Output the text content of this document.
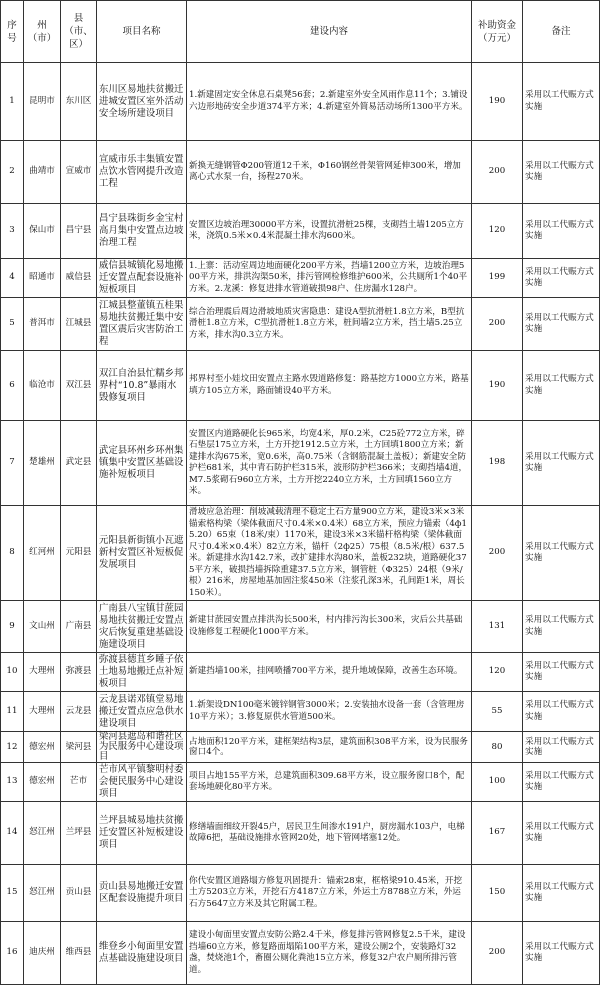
序号	州（市）	县（市、区）	项目名称	建设内容	补助资金（万元）	备注
1	昆明市	东川区	东川区易地扶贫搬迁进城安置区室外活动安全场所建设项目	1.新建固定安全休息石桌凳56套；2.新建室外安全风雨作息11个；3.铺设六边形地砖安全步道374平方米；4.新建室外简易活动场所1300平方米。	190	采用以工代赈方式实施
2	曲靖市	宣威市	宣威市乐丰集镇安置点饮水管网提升改造工程	新换无缝钢管Φ200管道12千米，Φ160钢丝骨架管网延伸300米，增加离心式水泵一台，扬程270米。	200	采用以工代赈方式实施
3	保山市	昌宁县	昌宁县珠街乡金宝村高月集中安置点边坡治理工程	安置区边坡治理30000平方米，设置抗滑桩25棵，支砌挡土墙1205立方米，浇筑0.5米×0.4米混凝土排水沟600米。	120	采用以工代赈方式实施
4	昭通市	威信县	威信县城镇化易地搬迁安置点配套设施补短板项目	1.上寨：活动室周边地面硬化200平方米，挡墙1200立方米，边坡治理500平方米，排洪沟渠50米，排污管网检修维护600米，公共厕所1个40平方米。2.龙溪：修复进排水管道破损98户、住房漏水128户。	199	采用以工代赈方式实施
5	普洱市	江城县	江城县整董镇五桂果易地扶贫搬迁集中安置区震后灾害防治工程	综合治理震后周边滑坡地质灾害隐患：建设A型抗滑桩1.8立方米，B型抗滑桩1.8立方米，C型抗滑桩1.8立方米，桩间墙2立方米，挡土墙5.25立方米，排水沟0.3立方米。	200	采用以工代赈方式实施
6	临沧市	双江县	双江自治县忙糯乡邦界村“10.8”暴雨水毁修复项目	邦界村至小娃坟田安置点主路水毁道路修复：路基挖方1000立方米，路基填方105立方米，路面铺设40平方米。	190	采用以工代赈方式实施
7	楚雄州	武定县	武定县环州乡环州集镇集中安置区基础设施补短板项目	安置区内道路硬化长965米，均宽4米，厚0.2米，C25砼772立方米，碎石垫层175立方米，土方开挖1912.5立方米，土方回填1800立方米；新建排水沟675米，宽0.6米，高0.75米（含钢筋混凝土盖板）；新建安全防护栏681米，其中青石防护栏315米，波形防护栏366米；支砌挡墙4道，M7.5浆砌石960立方米，土方开挖2240立方米，土方回填1560立方米。	198	采用以工代赈方式实施
8	红河州	元阳县	元阳县新街镇小瓦遮新村安置区补短板促发展项目	滑坡应急治理：削坡减载清理不稳定土石方量900立方米，建设3米×3米锚索格构梁（梁体截面尺寸0.4米×0.4米）68立方米，预应力锚索（4ф15.20）65束（18米/束）1170米，建设3米×3米锚杆格构梁（梁体截面尺寸0.4米×0.4米）82立方米，锚杆（2ф25）75根（8.5米/根）637.5米。新建排水沟142.7米，改扩建排水沟80米，盖板232块，道路硬化375平方米，破损挡墙拆除重建37.5立方米，钢管桩（Φ325）24根（9米/根）216米，房屋地基加固注浆450米（注浆孔深3米，孔间距1米，周长150米）。	200	采用以工代赈方式实施
9	文山州	广南县	广南县八宝镇甘蔗园易地扶贫搬迁安置点灾后恢复重建基础设施建设项目	新建甘蔗园安置点排洪沟长500米，村内排污沟长300米，灾后公共基础设施修复工程硬化1000平方米。	131	采用以工代赈方式实施
10	大理州	弥渡县	弥渡县德苴乡睡子依土地易地搬迁点补短板项目	新建挡墙100米，挂网喷播700平方米，提升地域保障，改善生态环境。	120	采用以工代赈方式实施
11	大理州	云龙县	云龙县诺邓镇堂易地搬迁安置点应急供水建设项目	1.新架设DN100毫米镀锌钢管3000米；2.安装抽水设备一套（含管理房10平方米）；3.修复原供水管道500米。	55	采用以工代赈方式实施
12	德宏州	梁河县	梁河县遮岛和谐社区为民服务中心建设项目	占地面积120平方米，建框架结构3层，建筑面积308平方米，设为民服务窗口4个。	80	采用以工代赈方式实施
13	德宏州	芒市	芒市风平镇黎明村委会便民服务中心建设项目	项目占地155平方米，总建筑面积309.68平方米，设立服务窗口8个，配套场地硬化80平方米。	100	采用以工代赈方式实施
14	怒江州	兰坪县	兰坪县城易地扶贫搬迁安置区补短板建设项目	修缮墙面细纹开裂45户，居民卫生间渗水191户，厨房漏水103户，电梯故障6把，基础设施排水管网20处，地下管网堵塞12处。	167	采用以工代赈方式实施
15	怒江州	贡山县	贡山县易地搬迁安置区配套设施提升项目	你代安置区道路塌方修复巩固提升：锚索28束，框格梁910.45米，开挖土方5203立方米，开挖石方4187立方米，外运土方8788立方米，外运石方5647立方米及其它附属工程。	150	采用以工代赈方式实施
16	迪庆州	维西县	维登乡小甸面里安置点基础设施建设项目	建设小甸面里安置点安防公路2.4千米，修复排污管网修复2.5千米，建设挡墙60立方米，修复路面塌陷100平方米，建设公厕2个，安装路灯32盏，焚烧池1个，畜圈公厕化粪池15立方米，修复32户农户厕所排污管道。	200	采用以工代赈方式实施
